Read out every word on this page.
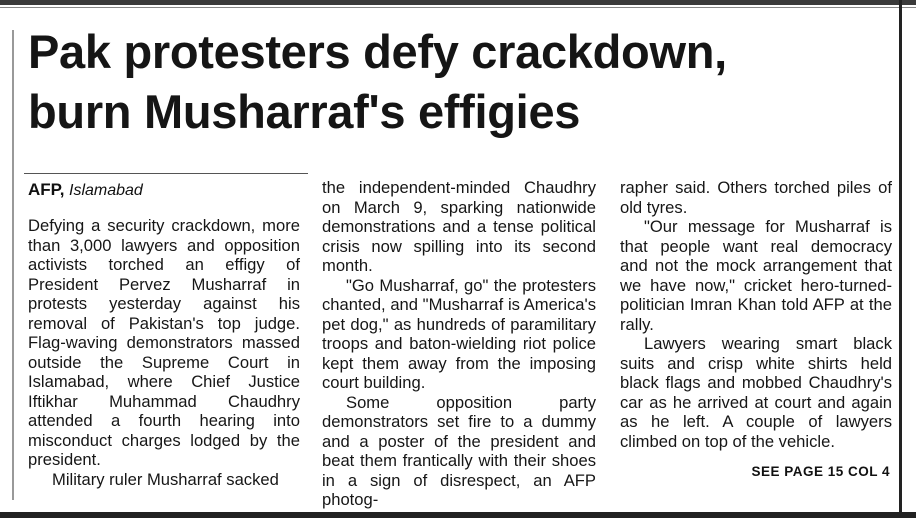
Pak protesters defy crackdown,
burn Musharraf's effigies
AFP, Islamabad

Defying a security crackdown, more than 3,000 lawyers and opposition activists torched an effigy of President Pervez Musharraf in protests yesterday against his removal of Pakistan's top judge. Flag-waving demonstrators massed outside the Supreme Court in Islamabad, where Chief Justice Iftikhar Muhammad Chaudhry attended a fourth hearing into misconduct charges lodged by the president.

Military ruler Musharraf sacked

the independent-minded Chaudhry on March 9, sparking nationwide demonstrations and a tense political crisis now spilling into its second month.

"Go Musharraf, go" the protesters chanted, and "Musharraf is America's pet dog," as hundreds of paramilitary troops and baton-wielding riot police kept them away from the imposing court building.

Some opposition party demonstrators set fire to a dummy and a poster of the president and beat them frantically with their shoes in a sign of disrespect, an AFP photog-

rapher said. Others torched piles of old tyres.

"Our message for Musharraf is that people want real democracy and not the mock arrangement that we have now," cricket hero-turned-politician Imran Khan told AFP at the rally.

Lawyers wearing smart black suits and crisp white shirts held black flags and mobbed Chaudhry's car as he arrived at court and again as he left. A couple of lawyers climbed on top of the vehicle.

SEE PAGE 15 COL 4
